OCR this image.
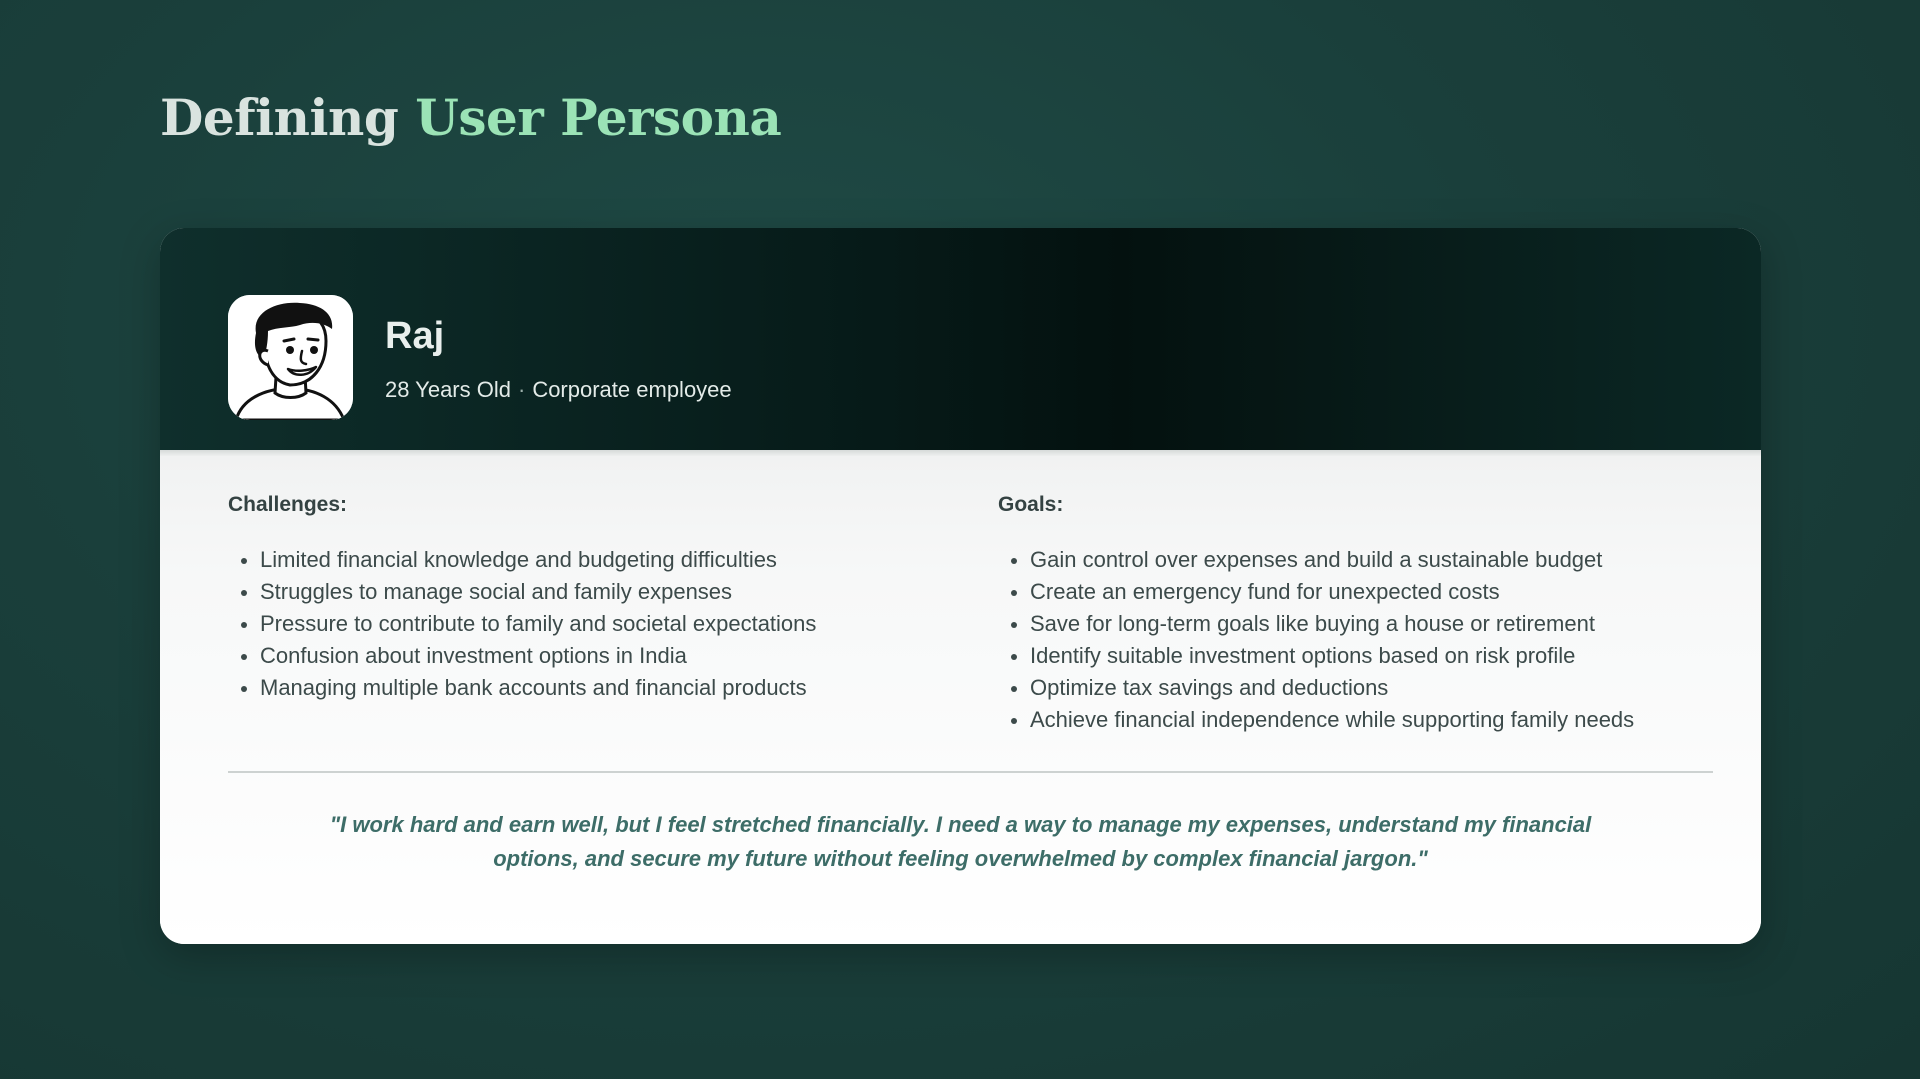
Defining User Persona
Raj
28 Years Old · Corporate employee
Challenges:
Limited financial knowledge and budgeting difficulties
Struggles to manage social and family expenses
Pressure to contribute to family and societal expectations
Confusion about investment options in India
Managing multiple bank accounts and financial products
Goals:
Gain control over expenses and build a sustainable budget
Create an emergency fund for unexpected costs
Save for long-term goals like buying a house or retirement
Identify suitable investment options based on risk profile
Optimize tax savings and deductions
Achieve financial independence while supporting family needs

"I work hard and earn well, but I feel stretched financially. I need a way to manage my expenses, understand my financial
options, and secure my future without feeling overwhelmed by complex financial jargon."
